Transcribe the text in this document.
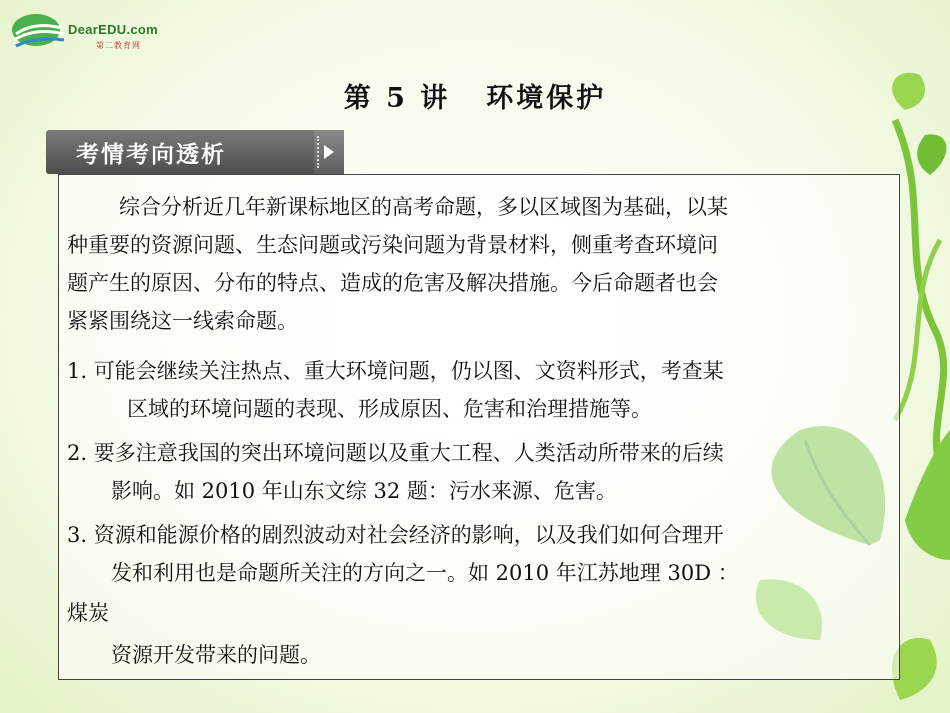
DearEDU.com
第二教育网
第 5 讲 环境保护
考情考向透析
综合分析近几年新课标地区的高考命题，多以区域图为基础，以某
种重要的资源问题、生态问题或污染问题为背景材料，侧重考查环境问
题产生的原因、分布的特点、造成的危害及解决措施。今后命题者也会
紧紧围绕这一线索命题。
1. 可能会继续关注热点、重大环境问题，仍以图、文资料形式，考查某
区域的环境问题的表现、形成原因、危害和治理措施等。
2. 要多注意我国的突出环境问题以及重大工程、人类活动所带来的后续
影响。如 2010 年山东文综 32 题：污水来源、危害。
3. 资源和能源价格的剧烈波动对社会经济的影响，以及我们如何合理开
发和利用也是命题所关注的方向之一。如 2010 年江苏地理 30D ：
煤炭
资源开发带来的问题。
